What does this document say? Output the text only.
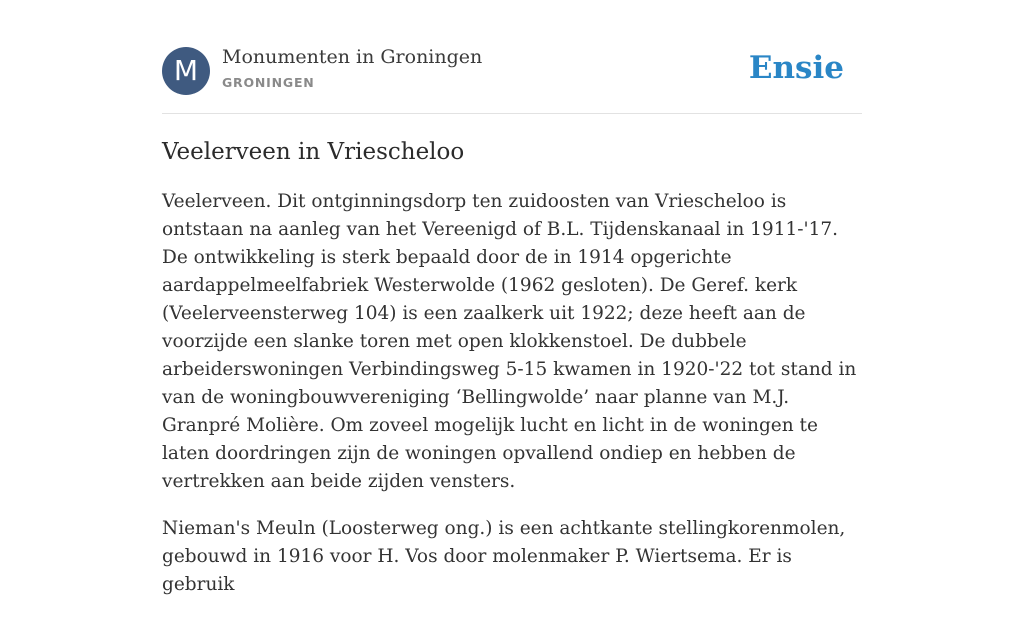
M	Monumenten in Groningen
GRONINGEN	Ensie
Veelerveen in Vriescheloo

Veelerveen. Dit ontginningsdorp ten zuidoosten van Vriescheloo is ontstaan na aanleg van het Vereenigd of B.L. Tijdenskanaal in 1911-'17. De ontwikkeling is sterk bepaald door de in 1914 opgerichte aardappelmeelfabriek Westerwolde (1962 gesloten). De Geref. kerk (Veelerveensterweg 104) is een zaalkerk uit 1922; deze heeft aan de voorzijde een slanke toren met open klokkenstoel. De dubbele arbeiderswoningen Verbindingsweg 5-15 kwamen in 1920-'22 tot stand in van de woningbouwvereniging ‘Bellingwolde’ naar planne van M.J. Granpré Molière. Om zoveel mogelijk lucht en licht in de woningen te laten doordringen zijn de woningen opvallend ondiep en hebben de vertrekken aan beide zijden vensters.

Nieman's Meuln (Loosterweg ong.) is een achtkante stellingkorenmolen, gebouwd in 1916 voor H. Vos door molenmaker P. Wiertsema. Er is gebruik
